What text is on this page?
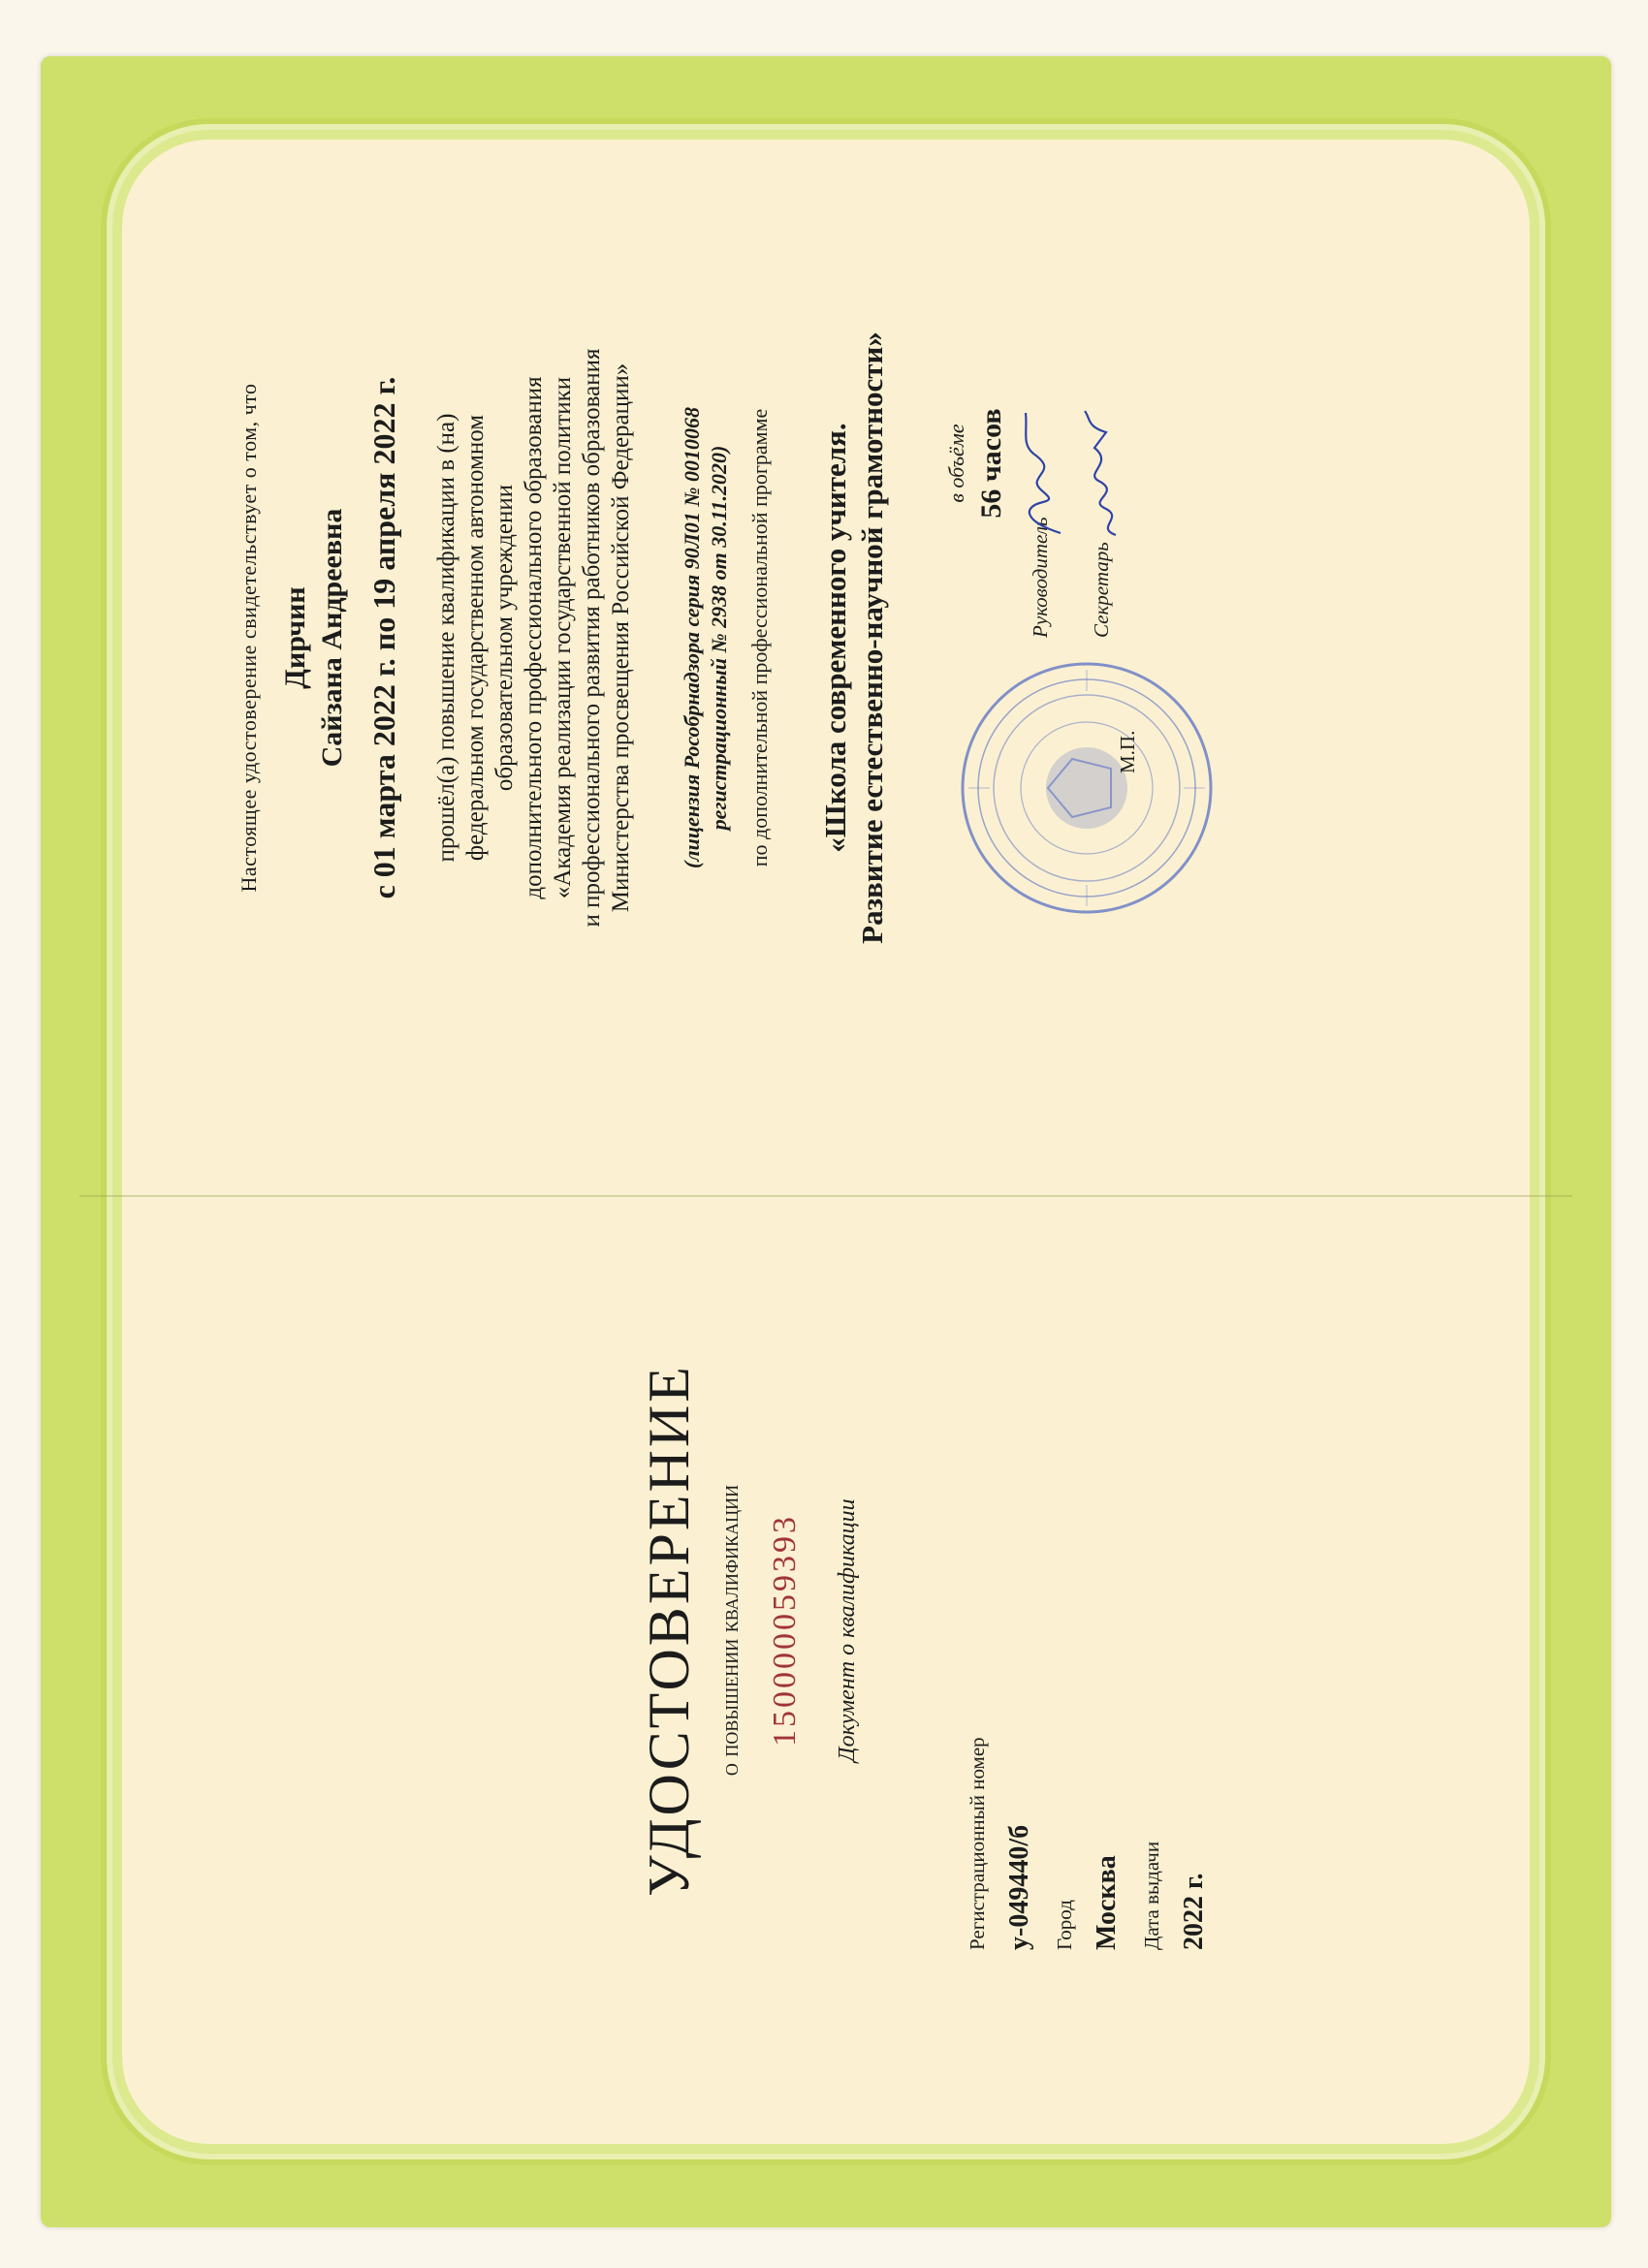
УДОСТОВЕРЕНИЕ о повышении квалификации 150000059393 Документ о квалификации
Регистрационный номер у-049440/б Город Москва Дата выдачи 2022 г.
Настоящее удостоверение свидетельствует о том, что Дирчин Сайзана Андреевна с 01 марта 2022 г. по 19 апреля 2022 г. прошёл(а) повышение квалификации в (на) федеральном государственном автономном образовательном учреждении дополнительного профессионального образования «Академия реализации государственной политики и профессионального развития работников образования Министерства просвещения Российской Федерации» (лицензия Рособрнадзора серия 90Л01 № 0010068 регистрационный № 2938 от 30.11.2020) по дополнительной профессиональной программе «Школа современного учителя. Развитие естественно-научной грамотности»	в объёме 56 часов
Руководитель Секретарь
М.П.
